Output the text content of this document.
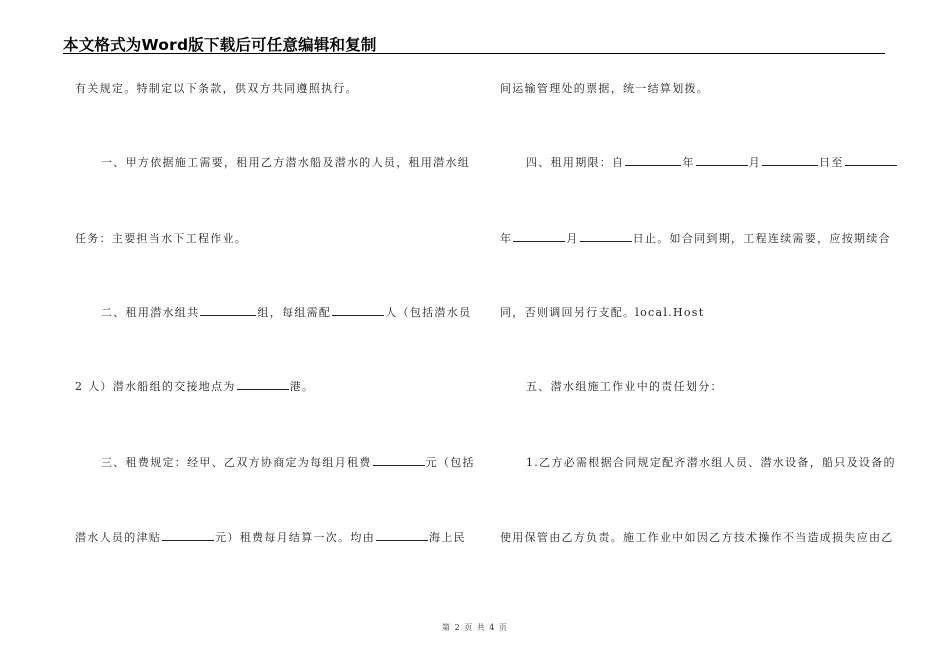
本文格式为Word版下载后可任意编辑和复制
有关规定。特制定以下条款，供双方共同遵照执行。
一、甲方依据施工需要，租用乙方潜水船及潜水的人员，租用潜水组
任务：主要担当水下工程作业。
二、租用潜水组共	组，每组需配	人（包括潜水员
2 人）潜水船组的交接地点为	港。
三、租费规定：经甲、乙双方协商定为每组月租费	元（包括
潜水人员的津贴	元）租费每月结算一次。均由	海上民
间运输管理处的票据，统一结算划拨。
四、租用期限：自	年	月	日至
年	月	日止。如合同到期，工程连续需要，应按期续合
同，否则调回另行支配。local.Host
五、潜水组施工作业中的责任划分：
1.乙方必需根据合同规定配齐潜水组人员、潜水设备，船只及设备的
使用保管由乙方负责。施工作业中如因乙方技术操作不当造成损失应由乙
第 2 页 共 4 页
